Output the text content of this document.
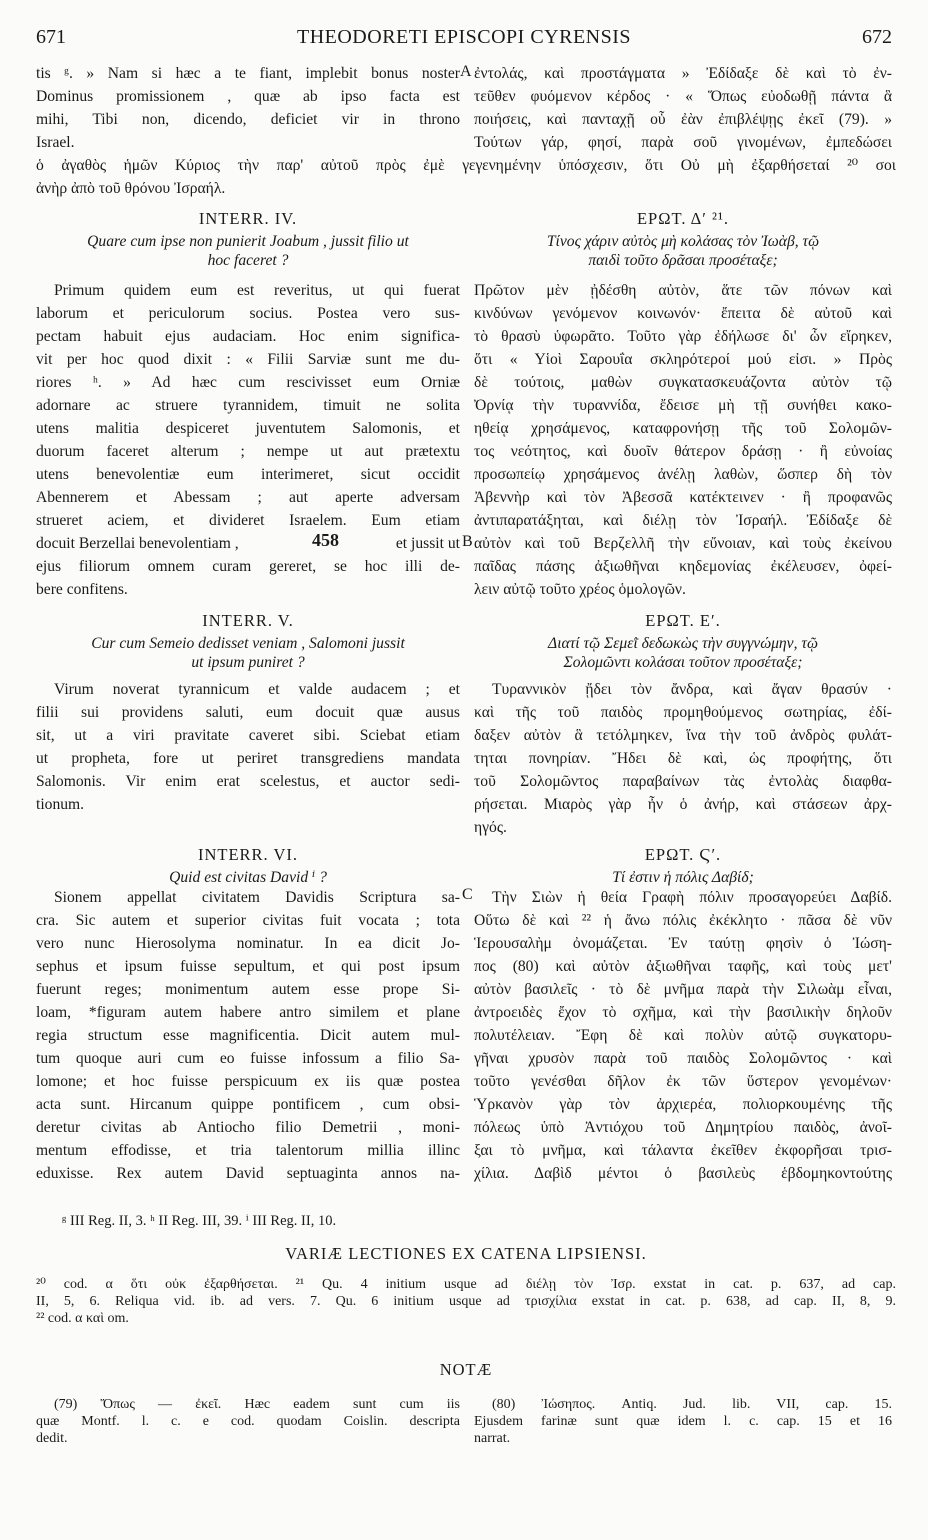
671	THEODORETI EPISCOPI CYRENSIS	672
tis ᵍ. » Nam si hæc a te fiant, implebit bonus noster
Dominus promissionem , quæ ab ipso facta est
mihi, Tibi non, dicendo, deficiet vir in throno
Israel.
A ἐντολάς, καὶ προστάγματα » Ἐδίδαξε δὲ καὶ τὸ ἐν-
τεῦθεν φυόμενον κέρδος · « Ὅπως εὐοδωθῇ πάντα ἃ
ποιήσεις, καὶ πανταχῇ οὗ ἐὰν ἐπιβλέψῃς ἐκεῖ (79). »
Τούτων γάρ, φησί, παρὰ σοῦ γινομένων, ἐμπεδώσει
ὁ ἀγαθὸς ἡμῶν Κύριος τὴν παρ' αὐτοῦ πρὸς ἐμὲ γεγενημένην ὑπόσχεσιν, ὅτι Οὐ μὴ ἐξαρθήσεταί ²⁰ σοι
ἀνὴρ ἀπὸ τοῦ θρόνου Ἰσραήλ.
INTERR. IV.
Quare cum ipse non punierit Joabum , jussit filio ut
hoc faceret ?
ΕΡΩΤ. Δʹ ²¹.
Τίνος χάριν αὐτὸς μὴ κολάσας τὸν Ἰωὰβ, τῷ
παιδὶ τοῦτο δρᾶσαι προσέταξε;
Primum quidem eum est reveritus, ut qui fuerat
laborum et periculorum socius. Postea vero sus-
pectam habuit ejus audaciam. Hoc enim significa-
vit per hoc quod dixit : « Filii Sarviæ sunt me du-
riores ʰ. » Ad hæc cum rescivisset eum Orniæ
adornare ac struere tyrannidem, timuit ne solita
utens malitia despiceret juventutem Salomonis, et
duorum faceret alterum ; nempe ut aut prætextu
utens benevolentiæ eum interimeret, sicut occidit
Abennerem et Abessam ; aut aperte adversam
strueret aciem, et divideret Israelem. Eum etiam
docuit Berzellai benevolentiam ,	458	et jussit ut
ejus filiorum omnem curam gereret, se hoc illi de-
bere confitens.
B
Πρῶτον μὲν ᾐδέσθη αὐτὸν, ἅτε τῶν πόνων καὶ
κινδύνων γενόμενον κοινωνόν· ἔπειτα δὲ αὐτοῦ καὶ
τὸ θρασὺ ὑφωρᾶτο. Τοῦτο γὰρ ἐδήλωσε δι' ὧν εἴρηκεν,
ὅτι « Υἱοὶ Σαρουΐα σκληρότεροί μού εἰσι. » Πρὸς
δὲ τούτοις, μαθὼν συγκατασκευάζοντα αὐτὸν τῷ
Ὀρνίᾳ τὴν τυραννίδα, ἔδεισε μὴ τῇ συνήθει κακο-
ηθείᾳ χρησάμενος, καταφρονήσῃ τῆς τοῦ Σολομῶν-
τος νεότητος, καὶ δυοῖν θάτερον δράσῃ · ἢ εὐνοίας
προσωπείῳ χρησάμενος ἀνέλῃ λαθὼν, ὥσπερ δὴ τὸν
Ἀβεννὴρ καὶ τὸν Ἀβεσσᾶ κατέκτεινεν · ἢ προφανῶς
ἀντιπαρατάξηται, καὶ διέλῃ τὸν Ἰσραήλ. Ἐδίδαξε δὲ
αὐτὸν καὶ τοῦ Βερζελλῆ τὴν εὔνοιαν, καὶ τοὺς ἐκείνου
παῖδας πάσης ἀξιωθῆναι κηδεμονίας ἐκέλευσεν, ὀφεί-
λειν αὐτῷ τοῦτο χρέος ὁμολογῶν.
INTERR. V.
Cur cum Semeio dedisset veniam , Salomoni jussit
ut ipsum puniret ?
ΕΡΩΤ. Εʹ.
Διατί τῷ Σεμεῒ δεδωκὼς τὴν συγγνώμην, τῷ
Σολομῶντι κολάσαι τοῦτον προσέταξε;
Virum noverat tyrannicum et valde audacem ; et
filii sui providens saluti, eum docuit quæ ausus
sit, ut a viri pravitate caveret sibi. Sciebat etiam
ut propheta, fore ut periret transgrediens mandata
Salomonis. Vir enim erat scelestus, et auctor sedi-
tionum.
Τυραννικὸν ᾔδει τὸν ἄνδρα, καὶ ἄγαν θρασύν ·
καὶ τῆς τοῦ παιδὸς προμηθούμενος σωτηρίας, ἐδί-
δαξεν αὐτὸν ἃ τετόλμηκεν, ἵνα τὴν τοῦ ἀνδρὸς φυλάτ-
τηται πονηρίαν. Ἤδει δὲ καὶ, ὡς προφήτης, ὅτι
τοῦ Σολομῶντος παραβαίνων τὰς ἐντολὰς διαφθα-
ρήσεται. Μιαρὸς γὰρ ἦν ὁ ἀνήρ, καὶ στάσεων ἀρχ-
ηγός.
INTERR. VI.
Quid est civitas David ⁱ ?
ΕΡΩΤ. Ϛʹ.
Τί ἐστιν ἡ πόλις Δαβίδ;
C
Sionem appellat civitatem Davidis Scriptura sa-
cra. Sic autem et superior civitas fuit vocata ; tota
vero nunc Hierosolyma nominatur. In ea dicit Jo-
sephus et ipsum fuisse sepultum, et qui post ipsum
fuerunt reges; monimentum autem esse prope Si-
loam, *figuram autem habere antro similem et plane
regia structum esse magnificentia. Dicit autem mul-
tum quoque auri cum eo fuisse infossum a filio Sa-
lomone; et hoc fuisse perspicuum ex iis quæ postea
acta sunt. Hircanum quippe pontificem , cum obsi-
deretur civitas ab Antiocho filio Demetrii , moni-
mentum effodisse, et tria talentorum millia illinc
eduxisse. Rex autem David septuaginta annos na-
Τὴν Σιὼν ἡ θεία Γραφὴ πόλιν προσαγορεύει Δαβίδ.
Οὕτω δὲ καὶ ²² ἡ ἄνω πόλις ἐκέκλητο · πᾶσα δὲ νῦν
Ἱερουσαλὴμ ὀνομάζεται. Ἐν ταύτῃ φησὶν ὁ Ἰώση-
πος (80) καὶ αὐτὸν ἀξιωθῆναι ταφῆς, καὶ τοὺς μετ'
αὐτὸν βασιλεῖς · τὸ δὲ μνῆμα παρὰ τὴν Σιλωὰμ εἶναι,
ἀντροειδὲς ἔχον τὸ σχῆμα, καὶ τὴν βασιλικὴν δηλοῦν
πολυτέλειαν. Ἔφη δὲ καὶ πολὺν αὐτῷ συγκατορυ-
γῆναι χρυσὸν παρὰ τοῦ παιδὸς Σολομῶντος · καὶ
τοῦτο γενέσθαι δῆλον ἐκ τῶν ὕστερον γενομένων·
Ὑρκανὸν γὰρ τὸν ἀρχιερέα, πολιορκουμένης τῆς
πόλεως ὑπὸ Ἀντιόχου τοῦ Δημητρίου παιδὸς, ἀνοῖ-
ξαι τὸ μνῆμα, καὶ τάλαντα ἐκεῖθεν ἐκφορῆσαι τρισ-
χίλια. Δαβὶδ μέντοι ὁ βασιλεὺς ἑβδομηκοντούτης
ᵍ III Reg. II, 3. ʰ II Reg. III, 39. ⁱ III Reg. II, 10.
VARIÆ LECTIONES EX CATENA LIPSIENSI.
²⁰ cod. α ὅτι οὐκ ἐξαρθήσεται. ²¹ Qu. 4 initium usque ad διέλῃ τὸν Ἰσρ. exstat in cat. p. 637, ad cap.
II, 5, 6. Reliqua vid. ib. ad vers. 7. Qu. 6 initium usque ad τρισχίλια exstat in cat. p. 638, ad cap. II, 8, 9.
²² cod. α καὶ om.
NOTÆ
(79) Ὅπως — ἐκεῖ. Hæc eadem sunt cum iis
quæ Montf. l. c. e cod. quodam Coislin. descripta
dedit.
(80) Ἰώσηπος. Antiq. Jud. lib. VII, cap. 15.
Ejusdem farinæ sunt quæ idem l. c. cap. 15 et 16
narrat.
